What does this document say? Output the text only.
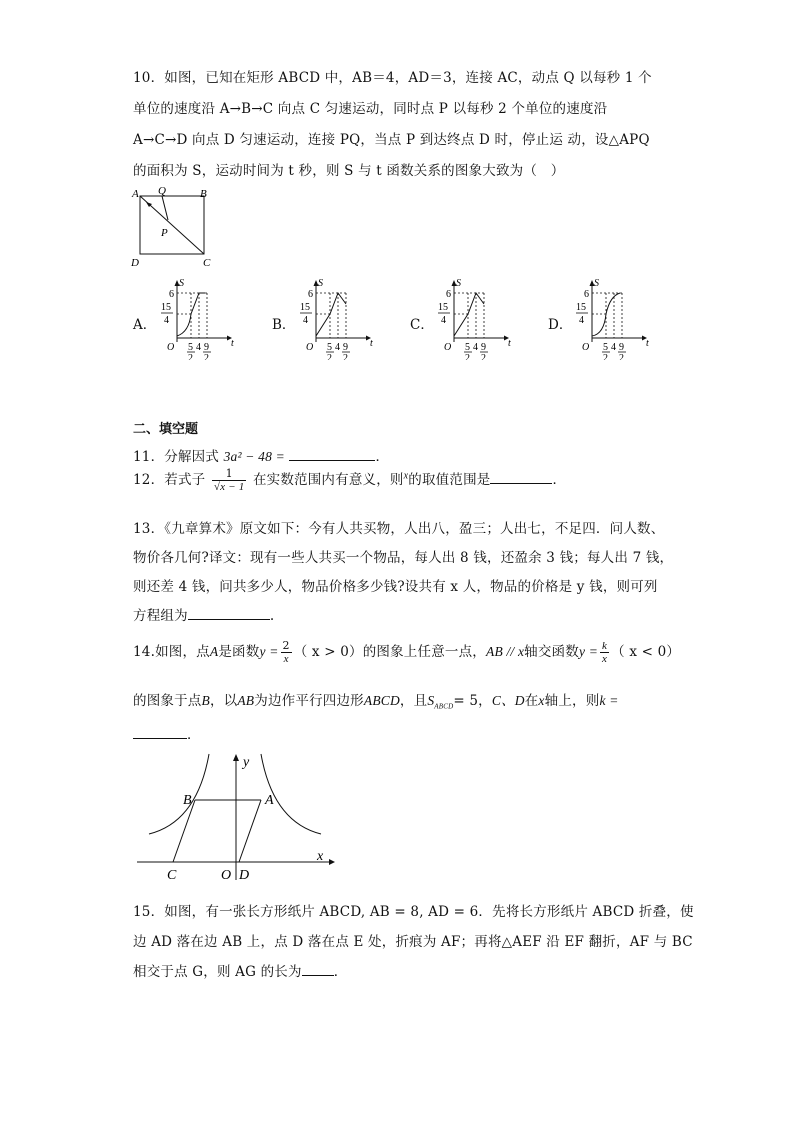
10．如图，已知在矩形 ABCD 中，AB＝4，AD＝3，连接 AC，动点 Q 以每秒 1 个
单位的速度沿 A→B→C 向点 C 匀速运动，同时点 P 以每秒 2 个单位的速度沿
A→C→D 向点 D 匀速运动，连接 PQ，当点 P 到达终点 D 时，停止运 动，设△APQ
的面积为 S，运动时间为 t 秒，则 S 与 t 函数关系的图象大致为（　）
A Q	B
P
D	C
A．	B．	C．	D．
S
t
O
6
15
4
5
2
4 9
2
S
t
O
6
15
4
5
2
4 9
2
S
t
O
6
15
4
5
2
4 9
2
S
t
O
6
15
4
5
2
4 9
2
二、填空题
11．分解因式 3a² − 48 =	．
12．若式子 $\frac{1}{√x - 1}$ 在实数范围内有意义，则$^x$的取值范围是	．
13．《九章算术》原文如下：今有人共买物，人出八，盈三；人出七，不足四．问人数、
物价各几何?译文：现有一些人共买一个物品，每人出 8 钱，还盈余 3 钱；每人出 7 钱，
则还差 4 钱，问共多少人，物品价格多少钱?设共有 x 人，物品的价格是 y 钱，则可列
方程组为	.
14.如图，点A是函数$y = \frac{2}{x}$ （ x > 0）的图象上任意一点，AB // x轴交函数$y = \frac{k}{x}$ （ x < 0）
的图象于点B，以AB为边作平行四边形ABCD，且$S_{ABCD}= 5$，C、D在x轴上，则k =
．
y
x
B	A
C	O D
15．如图，有一张长方形纸片 ABCD, AB = 8, AD = 6．先将长方形纸片 ABCD 折叠，使
边 AD 落在边 AB 上，点 D 落在点 E 处，折痕为 AF；再将△AEF 沿 EF 翻折，AF 与 BC
相交于点 G，则 AG 的长为 ．
